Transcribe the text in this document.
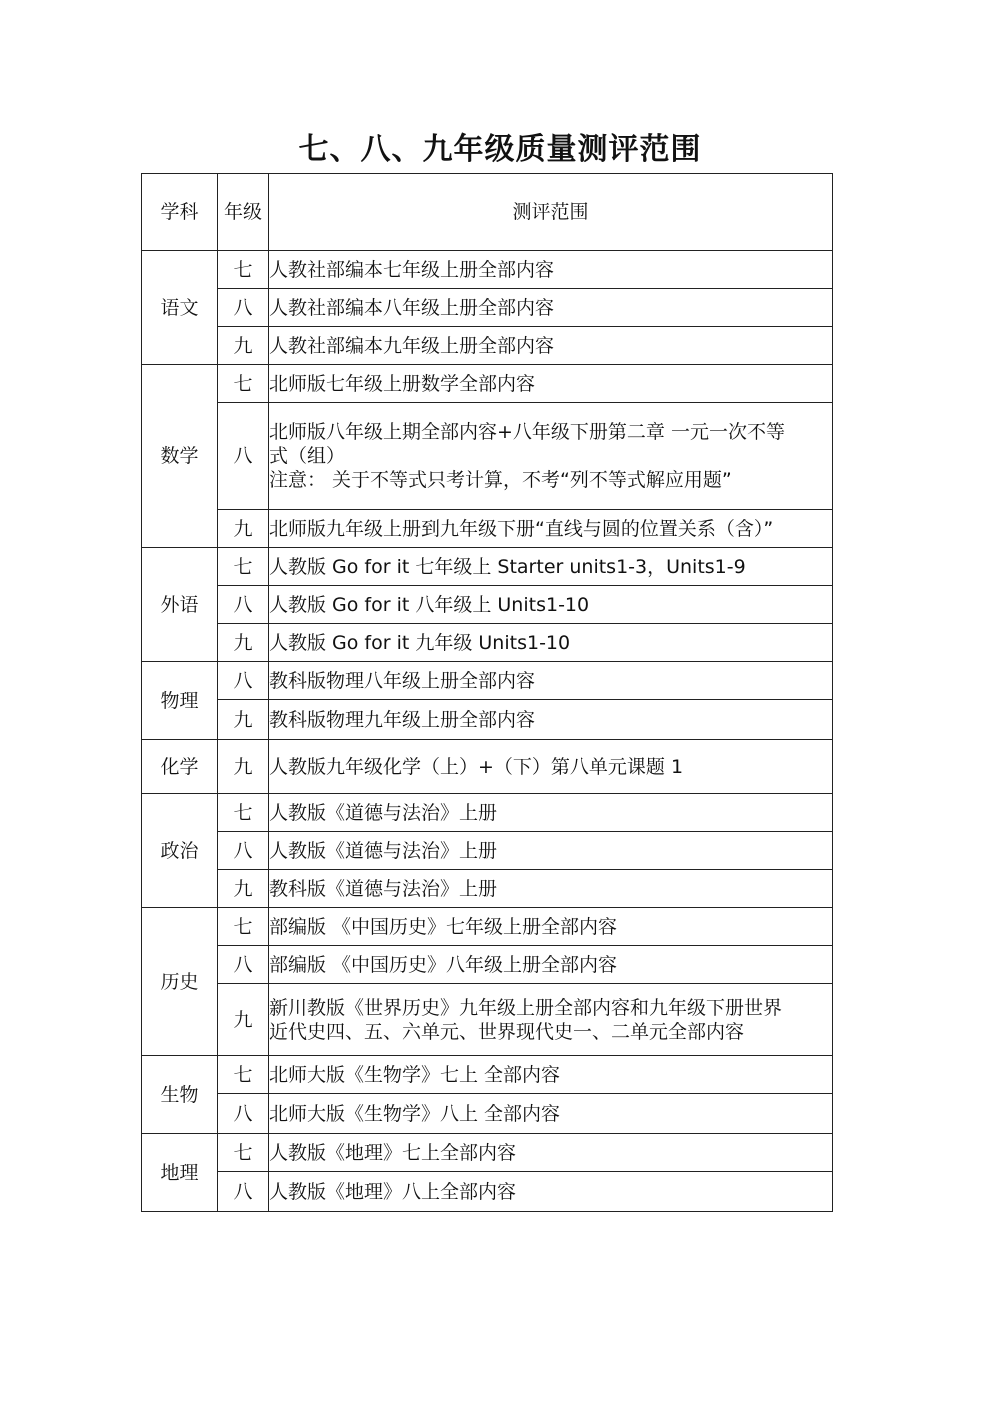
七、八、九年级质量测评范围
学科	年级	测评范围
语文	七	人教社部编本七年级上册全部内容

	八	人教社部编本八年级上册全部内容

	九	人教社部编本九年级上册全部内容

数学	七	北师版七年级上册数学全部内容

	八	北师版八年级上期全部内容+八年级下册第二章 一元一次不等
式（组）
注意： 关于不等式只考计算，不考“列不等式解应用题”

	九	北师版九年级上册到九年级下册“直线与圆的位置关系（含）”

外语	七	人教版 Go for it 七年级上 Starter units1-3，Units1-9

	八	人教版 Go for it 八年级上 Units1-10

	九	人教版 Go for it 九年级 Units1-10

物理	八	教科版物理八年级上册全部内容

	九	教科版物理九年级上册全部内容

化学	九	人教版九年级化学（上）+（下）第八单元课题 1

政治	七	人教版《道德与法治》上册

	八	人教版《道德与法治》上册

	九	教科版《道德与法治》上册

历史	七	部编版 《中国历史》七年级上册全部内容

	八	部编版 《中国历史》八年级上册全部内容

	九	新川教版《世界历史》九年级上册全部内容和九年级下册世界
近代史四、五、六单元、世界现代史一、二单元全部内容

生物	七	北师大版《生物学》七上 全部内容

	八	北师大版《生物学》八上 全部内容

地理	七	人教版《地理》七上全部内容

	八	人教版《地理》八上全部内容
